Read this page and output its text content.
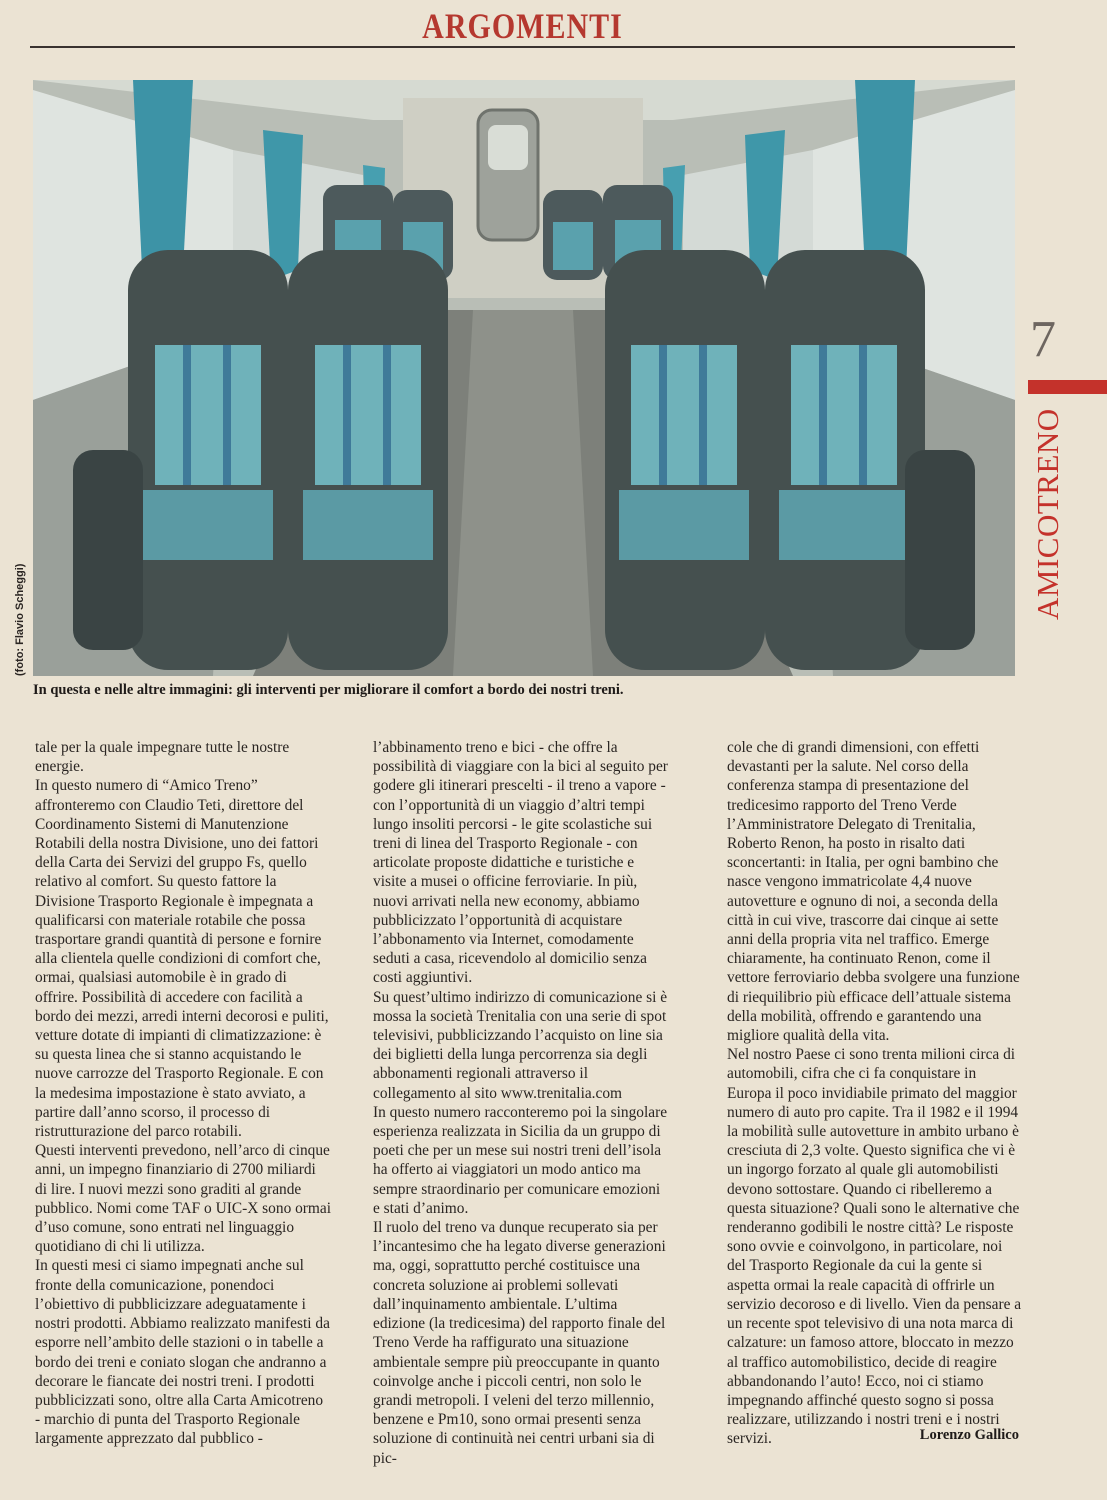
ARGOMENTI
(foto: Flavio Scheggi)
In questa e nelle altre immagini: gli interventi per migliorare il comfort a bordo dei nostri treni.
7
AMICOTRENO

tale per la quale impegnare tutte le nostre energie.

In questo numero di “Amico Treno” affronteremo con Claudio Teti, direttore del Coordinamento Sistemi di Manutenzione Rotabili della nostra Divisione, uno dei fattori della Carta dei Servizi del gruppo Fs, quello relativo al comfort. Su questo fattore la Divisione Trasporto Regionale è impegnata a qualificarsi con materiale rotabile che possa trasportare grandi quantità di persone e fornire alla clientela quelle condizioni di comfort che, ormai, qualsiasi automobile è in grado di offrire. Possibilità di accedere con facilità a bordo dei mezzi, arredi interni decorosi e puliti, vetture dotate di impianti di climatizzazione: è su questa linea che si stanno acquistando le nuove carrozze del Trasporto Regionale. E con la medesima impostazione è stato avviato, a partire dall’anno scorso, il processo di ristrutturazione del parco rotabili.

Questi interventi prevedono, nell’arco di cinque anni, un impegno finanziario di 2700 miliardi di lire. I nuovi mezzi sono graditi al grande pubblico. Nomi come TAF o UIC-X sono ormai d’uso comune, sono entrati nel linguaggio quotidiano di chi li utilizza.

In questi mesi ci siamo impegnati anche sul fronte della comunicazione, ponendoci l’obiettivo di pubblicizzare adeguatamente i nostri prodotti. Abbiamo realizzato manifesti da esporre nell’ambito delle stazioni o in tabelle a bordo dei treni e coniato slogan che andranno a decorare le fiancate dei nostri treni. I prodotti pubblicizzati sono, oltre alla Carta Amicotreno - marchio di punta del Trasporto Regionale largamente apprezzato dal pubblico -

l’abbinamento treno e bici - che offre la possibilità di viaggiare con la bici al seguito per godere gli itinerari prescelti - il treno a vapore - con l’opportunità di un viaggio d’altri tempi lungo insoliti percorsi - le gite scolastiche sui treni di linea del Trasporto Regionale - con articolate proposte didattiche e turistiche e visite a musei o officine ferroviarie. In più, nuovi arrivati nella new economy, abbiamo pubblicizzato l’opportunità di acquistare l’abbonamento via Internet, comodamente seduti a casa, ricevendolo al domicilio senza costi aggiuntivi.

Su quest’ultimo indirizzo di comunicazione si è mossa la società Trenitalia con una serie di spot televisivi, pubblicizzando l’acquisto on line sia dei biglietti della lunga percorrenza sia degli abbonamenti regionali attraverso il collegamento al sito www.trenitalia.com

In questo numero racconteremo poi la singolare esperienza realizzata in Sicilia da un gruppo di poeti che per un mese sui nostri treni dell’isola ha offerto ai viaggiatori un modo antico ma sempre straordinario per comunicare emozioni e stati d’animo.

Il ruolo del treno va dunque recuperato sia per l’incantesimo che ha legato diverse generazioni ma, oggi, soprattutto perché costituisce una concreta soluzione ai problemi sollevati dall’inquinamento ambientale. L’ultima edizione (la tredicesima) del rapporto finale del Treno Verde ha raffigurato una situazione ambientale sempre più preoccupante in quanto coinvolge anche i piccoli centri, non solo le grandi metropoli. I veleni del terzo millennio, benzene e Pm10, sono ormai presenti senza soluzione di continuità nei centri urbani sia di pic-

cole che di grandi dimensioni, con effetti devastanti per la salute. Nel corso della conferenza stampa di presentazione del tredicesimo rapporto del Treno Verde l’Amministratore Delegato di Trenitalia, Roberto Renon, ha posto in risalto dati sconcertanti: in Italia, per ogni bambino che nasce vengono immatricolate 4,4 nuove autovetture e ognuno di noi, a seconda della città in cui vive, trascorre dai cinque ai sette anni della propria vita nel traffico. Emerge chiaramente, ha continuato Renon, come il vettore ferroviario debba svolgere una funzione di riequilibrio più efficace dell’attuale sistema della mobilità, offrendo e garantendo una migliore qualità della vita.

Nel nostro Paese ci sono trenta milioni circa di automobili, cifra che ci fa conquistare in Europa il poco invidiabile primato del maggior numero di auto pro capite. Tra il 1982 e il 1994 la mobilità sulle autovetture in ambito urbano è cresciuta di 2,3 volte. Questo significa che vi è un ingorgo forzato al quale gli automobilisti devono sottostare. Quando ci ribelleremo a questa situazione? Quali sono le alternative che renderanno godibili le nostre città? Le risposte sono ovvie e coinvolgono, in particolare, noi del Trasporto Regionale da cui la gente si aspetta ormai la reale capacità di offrirle un servizio decoroso e di livello. Vien da pensare a un recente spot televisivo di una nota marca di calzature: un famoso attore, bloccato in mezzo al traffico automobilistico, decide di reagire abbandonando l’auto! Ecco, noi ci stiamo impegnando affinché questo sogno si possa realizzare, utilizzando i nostri treni e i nostri servizi.	Lorenzo Gallico
